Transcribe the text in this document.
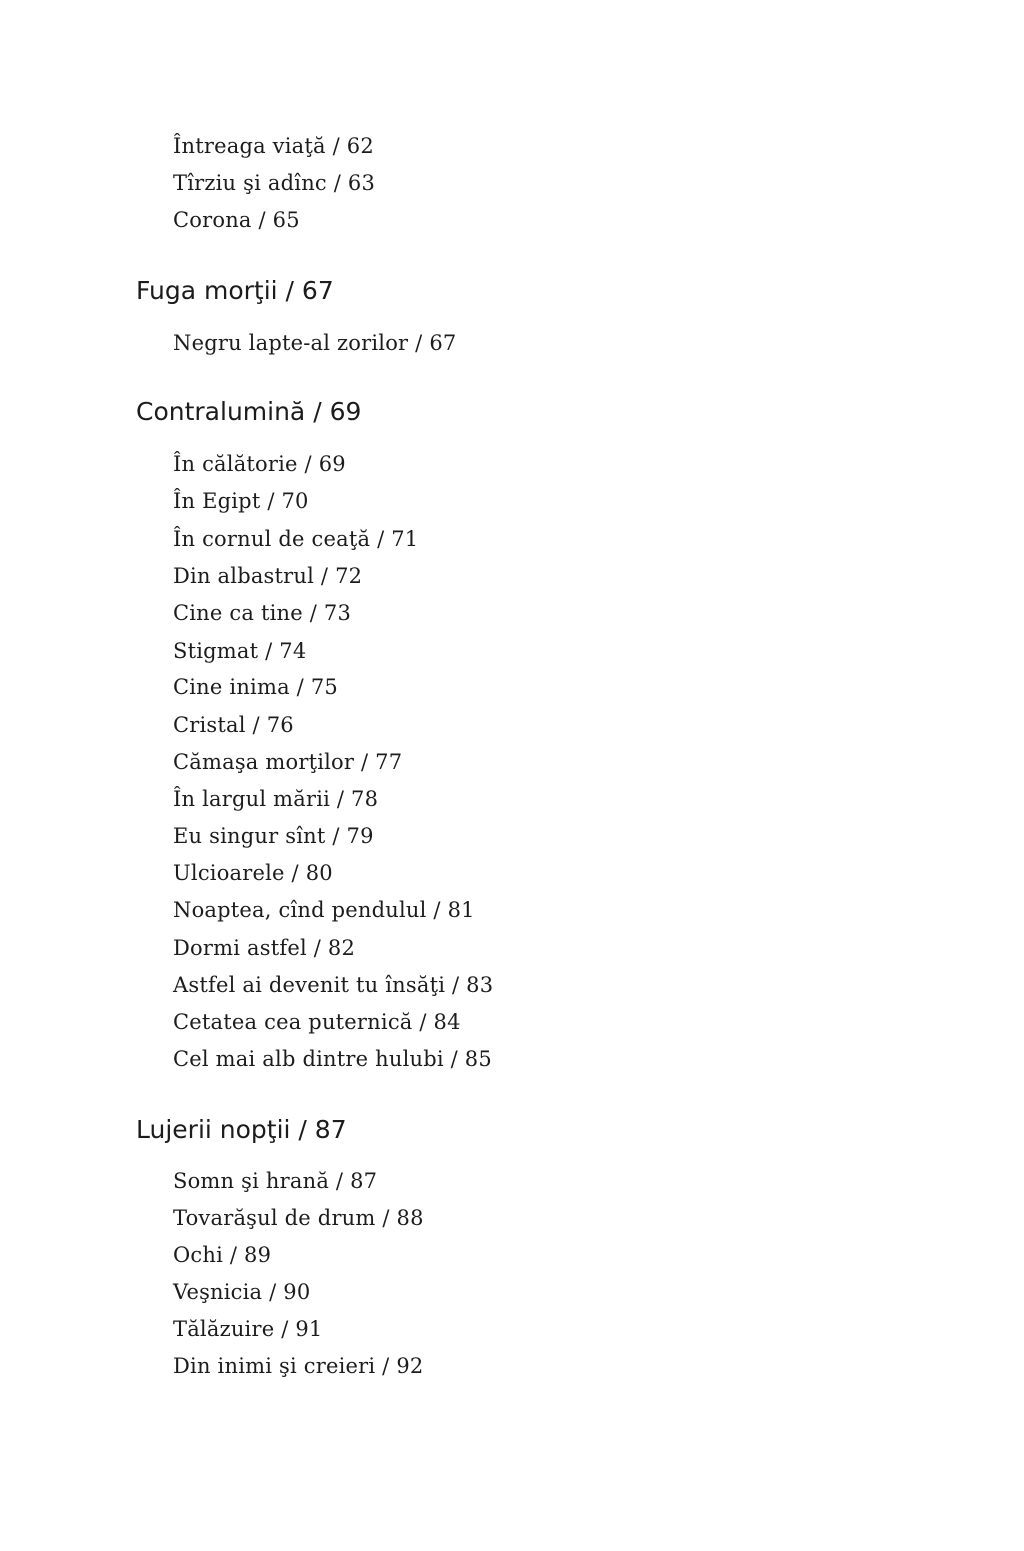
Întreaga viaţă / 62
Tîrziu şi adînc / 63
Corona / 65
Fuga morţii / 67
Negru lapte-al zorilor / 67
Contralumină / 69
În călătorie / 69
În Egipt / 70
În cornul de ceaţă / 71
Din albastrul / 72
Cine ca tine / 73
Stigmat / 74
Cine inima / 75
Cristal / 76
Cămaşa morţilor / 77
În largul mării / 78
Eu singur sînt / 79
Ulcioarele / 80
Noaptea, cînd pendulul / 81
Dormi astfel / 82
Astfel ai devenit tu însăţi / 83
Cetatea cea puternică / 84
Cel mai alb dintre hulubi / 85
Lujerii nopţii / 87
Somn şi hrană / 87
Tovarăşul de drum / 88
Ochi / 89
Veşnicia / 90
Tălăzuire / 91
Din inimi şi creieri / 92
